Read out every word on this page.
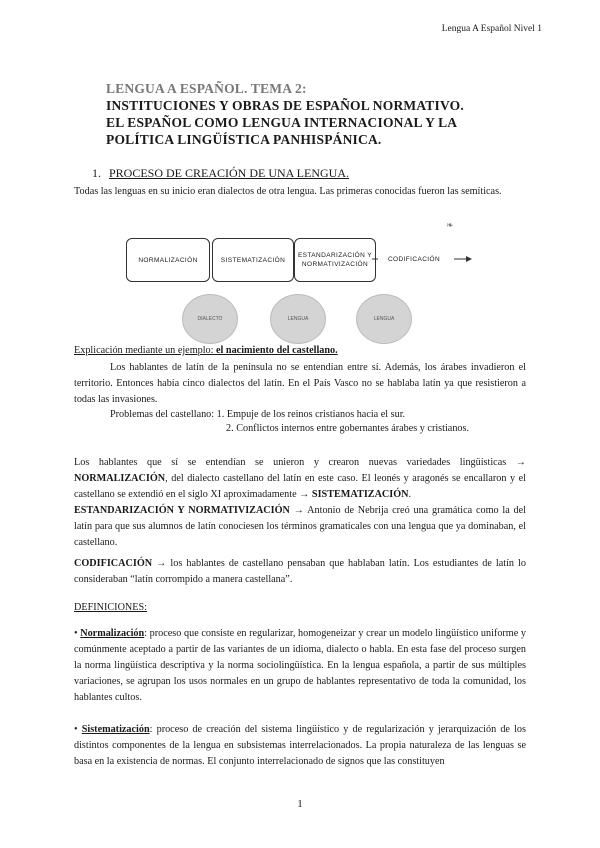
Lengua A Español Nivel 1
LENGUA A ESPAÑOL. TEMA 2:
INSTITUCIONES Y OBRAS DE ESPAÑOL NORMATIVO.
EL ESPAÑOL COMO LENGUA INTERNACIONAL Y LA
POLÍTICA LINGÜÍSTICA PANHISPÁNICA.
1. PROCESO DE CREACIÓN DE UNA LENGUA.
Todas las lenguas en su inicio eran dialectos de otra lengua. Las primeras conocidas fueron las semíticas.
NORMALIZACIÓN	SISTEMATIZACIÓN
ESTANDARIZACIÓN Y NORMATIVIZACIÓN
CODIFICACIÓN
DIALECTO	LENGUA	LENGUA
❧
Explicación mediante un ejemplo: el nacimiento del castellano.
Los hablantes de latín de la península no se entendían entre sí. Además, los árabes invadieron el territorio. Entonces había cinco dialectos del latín. En el País Vasco no se hablaba latín ya que resistieron a todas las invasiones.
Problemas del castellano: 1. Empuje de los reinos cristianos hacia el sur.
2. Conflictos internos entre gobernantes árabes y cristianos.
Los hablantes que sí se entendían se unieron y crearon nuevas variedades lingüísticas → NORMALIZACIÓN, del dialecto castellano del latín en este caso. El leonés y aragonés se encallaron y el castellano se extendió en el siglo XI aproximadamente → SISTEMATIZACIÓN.
ESTANDARIZACIÓN Y NORMATIVIZACIÓN → Antonio de Nebrija creó una gramática como la del latín para que sus alumnos de latín conociesen los términos gramaticales con una lengua que ya dominaban, el castellano.
CODIFICACIÓN → los hablantes de castellano pensaban que hablaban latín. Los estudiantes de latín lo consideraban “latín corrompido a manera castellana”.
DEFINICIONES:
• Normalización: proceso que consiste en regularizar, homogeneizar y crear un modelo lingüístico uniforme y comúnmente aceptado a partir de las variantes de un idioma, dialecto o habla. En esta fase del proceso surgen la norma lingüística descriptiva y la norma sociolingüística. En la lengua española, a partir de sus múltiples variaciones, se agrupan los usos normales en un grupo de hablantes representativo de toda la comunidad, los hablantes cultos.
• Sistematización: proceso de creación del sistema lingüístico y de regularización y jerarquización de los distintos componentes de la lengua en subsistemas interrelacionados. La propia naturaleza de las lenguas se basa en la existencia de normas. El conjunto interrelacionado de signos que las constituyen
1
